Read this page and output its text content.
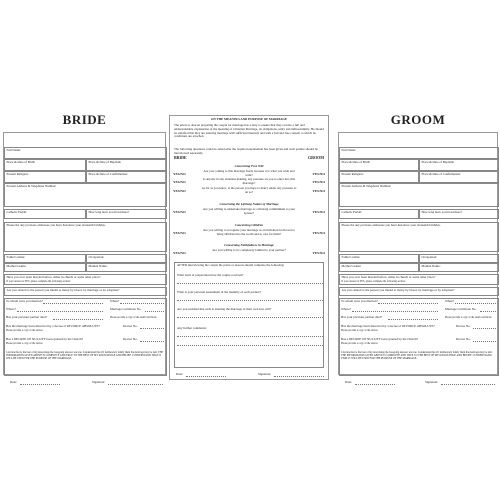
BRIDE
Full Name:
Place & Date of Birth:	Place & Date of Baptism:
Present Religion:	Place & Date of Confirmation:
Present Address & Telephone Number:
Catholic Parish:	How long have you lived there?
Please list any previous addresses you have had since your sixteenth birthday.
Father's name:	Occupation:
Mother's name:	Maiden Name:
Have you ever been married before, either in church or some other place?
If your answer is YES, please complete the following section:
Are you related to the person you intend to marry by blood, by marriage or by adoption?
To whom were you married?	When?
Where?	Marriage Certificate No.
Has your previous partner died?	Please provide a copy of the death certificate
Has the marriage been dissolved by a decree of DIVORCE ABSOLUTE?	Decree No.
Please provide a copy of the decree
Has a DECREE OF NULLITY been granted by the Church?	Decree No.
Please provide a copy of the decree
I declare that to the best of my knowledge the foregoing answers are true. I understand that if I deliberately falsify them the marriage may be null. THE INFORMATION GIVEN ABOVE IS COMPLETE AND TRUE TO THE BEST OF MY KNOWLEDGE AND BELIEF. I UNDERSTAND THAT IT WILL BE USED FOR THE PURPOSE OF THE MARRIAGE.
Date:	Signature:
ON THE MEANING AND PURPOSE OF MARRIAGE
The priest or deacon preparing the couple for marriage has a duty to ensure that they receive a full and understandable explanation of the meaning of Christian Marriage, its obligations, unity and indissolubility. He should be satisfied that they are entering marriage with sufficient maturity and with a full and free consent to which no conditions are attached.
The following questions could be asked after the required explanation has been given and each partner should be interviewed separately.
BRIDE	GROOM
Concerning Free Will
Are you coming to this marriage freely because it is what you wish and want?
YES/NO	YES/NO
Is anyone in any situation making, any pressure on you to enter into this marriage?
YES/NO	YES/NO
As far as you know, is the person you hope to marry under any pressure to do so?
YES/NO	YES/NO
Concerning the Lifelong Nature of Marriage
Are you willing to undertake marriage as a lifelong commitment to your spouse?
YES/NO	YES/NO
Concerning Children
Are you willing to recognise your marriage as an invitation from God to bring children into the world and to care for them?
YES/NO	YES/NO
Concerning Faithfulness in Marriage
Are you willing to be completely faithful to your partner?
YES/NO	YES/NO
AFTER interviewing the couple the priest or deacon should complete the following:
What form of preparation have the couple received?
What is your personal assessment of the maturity of each partner?
Are you satisfied that each is entering the marriage of their own free will?
Any further comments:
Date:	Signature:
GROOM
Full Name:
Place & Date of Birth:	Place & Date of Baptism:
Present Religion:	Place & Date of Confirmation:
Present Address & Telephone Number:
Catholic Parish:	How long have you lived there?
Please list any previous addresses you have had since your sixteenth birthday.
Father's name:	Occupation:
Mother's name:	Maiden Name:
Have you ever been married before, either in church or some other place?
If your answer is YES, please complete the following section:
Are you related to the person you intend to marry by blood, by marriage or by adoption?
To whom were you married?	When?
Where?	Marriage Certificate No.
Has your previous partner died?	Please provide a copy of the death certificate
Has the marriage been dissolved by a decree of DIVORCE ABSOLUTE?	Decree No.
Please provide a copy of the decree
Has a DECREE OF NULLITY been granted by the Church?	Decree No.
Please provide a copy of the decree
I declare that to the best of my knowledge the foregoing answers are true. I understand that if I deliberately falsify them the marriage may be null. THE INFORMATION GIVEN ABOVE IS COMPLETE AND TRUE TO THE BEST OF MY KNOWLEDGE AND BELIEF. I UNDERSTAND THAT IT WILL BE USED FOR THE PURPOSE OF THE MARRIAGE.
Date:	Signature:
